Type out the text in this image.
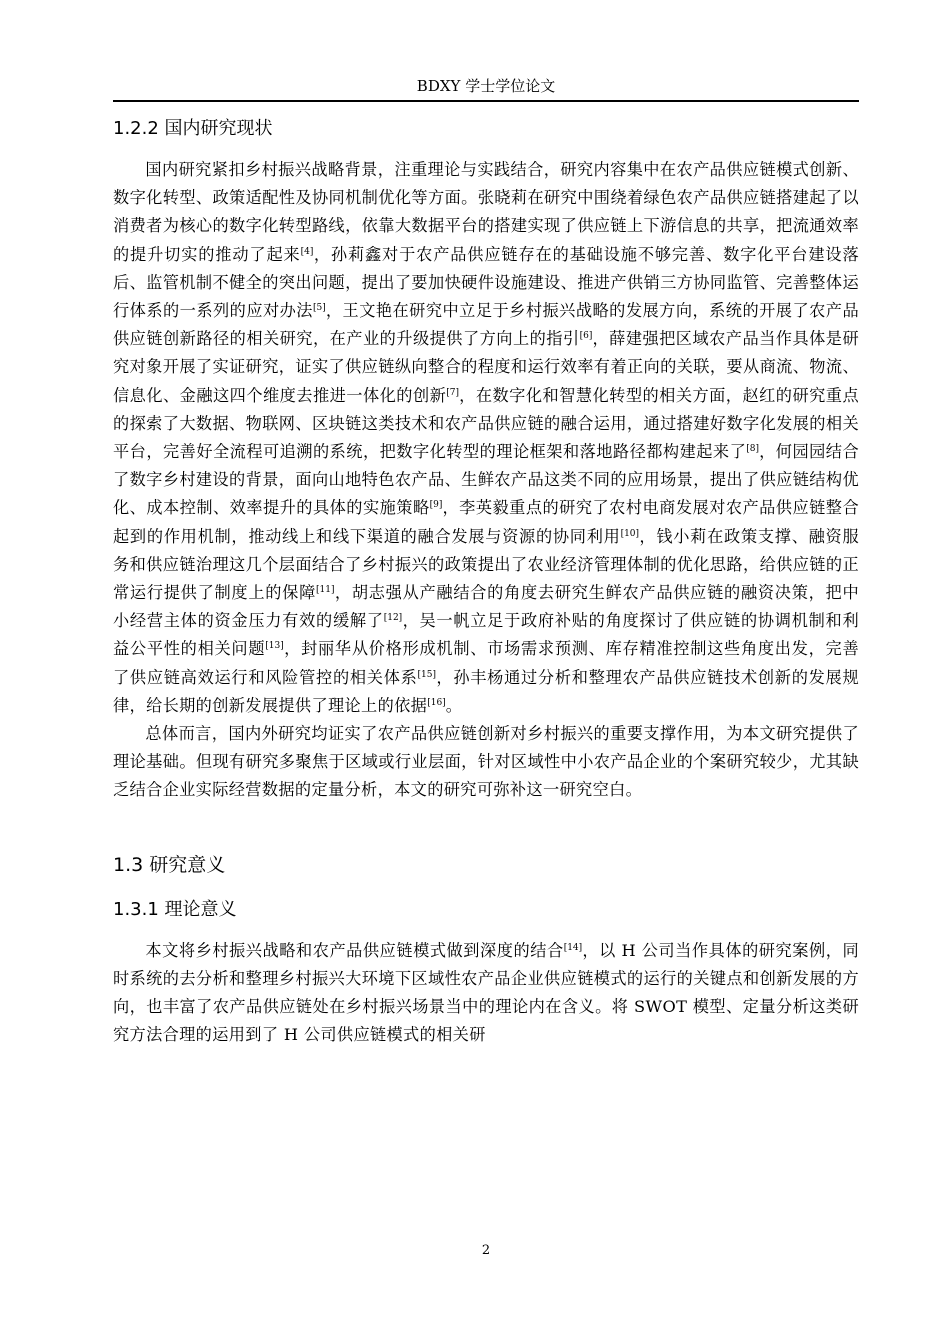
BDXY 学士学位论文
1.2.2 国内研究现状

国内研究紧扣乡村振兴战略背景，注重理论与实践结合，研究内容集中在农产品供应链模式创新、数字化转型、政策适配性及协同机制优化等方面。张晓莉在研究中围绕着绿色农产品供应链搭建起了以消费者为核心的数字化转型路线，依靠大数据平台的搭建实现了供应链上下游信息的共享，把流通效率的提升切实的推动了起来[4]，孙莉鑫对于农产品供应链存在的基础设施不够完善、数字化平台建设落后、监管机制不健全的突出问题，提出了要加快硬件设施建设、推进产供销三方协同监管、完善整体运行体系的一系列的应对办法[5]，王文艳在研究中立足于乡村振兴战略的发展方向，系统的开展了农产品供应链创新路径的相关研究，在产业的升级提供了方向上的指引[6]，薛建强把区域农产品当作具体是研究对象开展了实证研究，证实了供应链纵向整合的程度和运行效率有着正向的关联，要从商流、物流、信息化、金融这四个维度去推进一体化的创新[7]，在数字化和智慧化转型的相关方面，赵红的研究重点的探索了大数据、物联网、区块链这类技术和农产品供应链的融合运用，通过搭建好数字化发展的相关平台，完善好全流程可追溯的系统，把数字化转型的理论框架和落地路径都构建起来了[8]，何园园结合了数字乡村建设的背景，面向山地特色农产品、生鲜农产品这类不同的应用场景，提出了供应链结构优化、成本控制、效率提升的具体的实施策略[9]，李英毅重点的研究了农村电商发展对农产品供应链整合起到的作用机制，推动线上和线下渠道的融合发展与资源的协同利用[10]，钱小莉在政策支撑、融资服务和供应链治理这几个层面结合了乡村振兴的政策提出了农业经济管理体制的优化思路，给供应链的正常运行提供了制度上的保障[11]，胡志强从产融结合的角度去研究生鲜农产品供应链的融资决策，把中小经营主体的资金压力有效的缓解了[12]，吴一帆立足于政府补贴的角度探讨了供应链的协调机制和利益公平性的相关问题[13]，封丽华从价格形成机制、市场需求预测、库存精准控制这些角度出发，完善了供应链高效运行和风险管控的相关体系[15]，孙丰杨通过分析和整理农产品供应链技术创新的发展规律，给长期的创新发展提供了理论上的依据[16]。

总体而言，国内外研究均证实了农产品供应链创新对乡村振兴的重要支撑作用，为本文研究提供了理论基础。但现有研究多聚焦于区域或行业层面，针对区域性中小农产品企业的个案研究较少，尤其缺乏结合企业实际经营数据的定量分析，本文的研究可弥补这一研究空白。

1.3 研究意义
1.3.1 理论意义

本文将乡村振兴战略和农产品供应链模式做到深度的结合[14]，以 H 公司当作具体的研究案例，同时系统的去分析和整理乡村振兴大环境下区域性农产品企业供应链模式的运行的关键点和创新发展的方向，也丰富了农产品供应链处在乡村振兴场景当中的理论内在含义。将 SWOT 模型、定量分析这类研究方法合理的运用到了 H 公司供应链模式的相关研

2
